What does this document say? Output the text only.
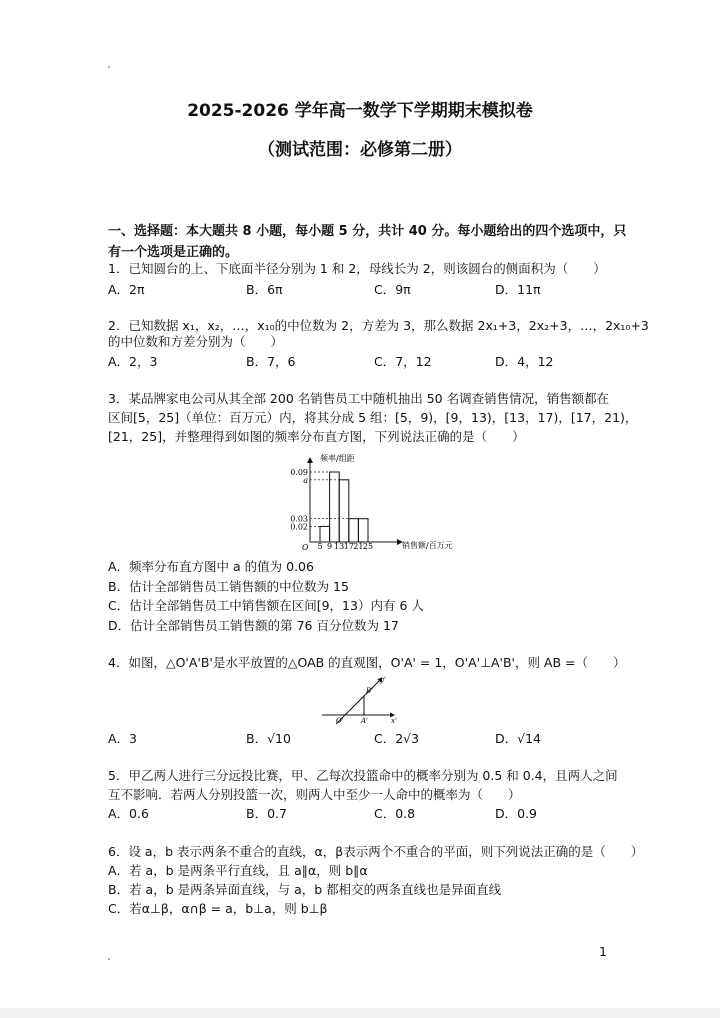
2025-2026 学年高一数学下学期期末模拟卷
（测试范围：必修第二册）
一、选择题：本大题共 8 小题，每小题 5 分，共计 40 分。每小题给出的四个选项中，只
有一个选项是正确的。
1．已知圆台的上、下底面半径分别为 1 和 2，母线长为 2，则该圆台的侧面积为（　　）
A．2π	B．6π	C．9π	D．11π
2．已知数据 x₁，x₂，…，x₁₀的中位数为 2，方差为 3，那么数据 2x₁+3，2x₂+3，…，2x₁₀+3
的中位数和方差分别为（　　）
A．2，3	B．7，6	C．7，12	D．4，12
3．某品牌家电公司从其全部 200 名销售员工中随机抽出 50 名调查销售情况，销售额都在
区间[5，25]（单位：百万元）内，将其分成 5 组：[5，9)，[9，13)，[13，17)，[17，21)，
[21，25]，并整理得到如图的频率分布直方图，下列说法正确的是（　　）
频率/组距
销售额/百万元
O 5 9 13 17 21 25
0.09
a
0.03
0.02
A．频率分布直方图中 a 的值为 0.06
B．估计全部销售员工销售额的中位数为 15
C．估计全部销售员工中销售额在区间[9，13）内有 6 人
D．估计全部销售员工销售额的第 76 百分位数为 17
4．如图，△O'A'B'是水平放置的△OAB 的直观图，O'A' = 1，O'A'⊥A'B'，则 AB =（　　）
y'
B'
O' A'	x'
A．3	B．√10	C．2√3	D．√14
5．甲乙两人进行三分远投比赛，甲、乙每次投篮命中的概率分别为 0.5 和 0.4，且两人之间
互不影响．若两人分别投篮一次，则两人中至少一人命中的概率为（　　）
A．0.6	B．0.7	C．0.8	D．0.9
6．设 a，b 表示两条不重合的直线，α，β表示两个不重合的平面，则下列说法正确的是（　　）
A．若 a，b 是两条平行直线，且 a∥α，则 b∥α
B．若 a，b 是两条异面直线，与 a，b 都相交的两条直线也是异面直线
C．若α⊥β，α∩β = a，b⊥a，则 b⊥β
1
